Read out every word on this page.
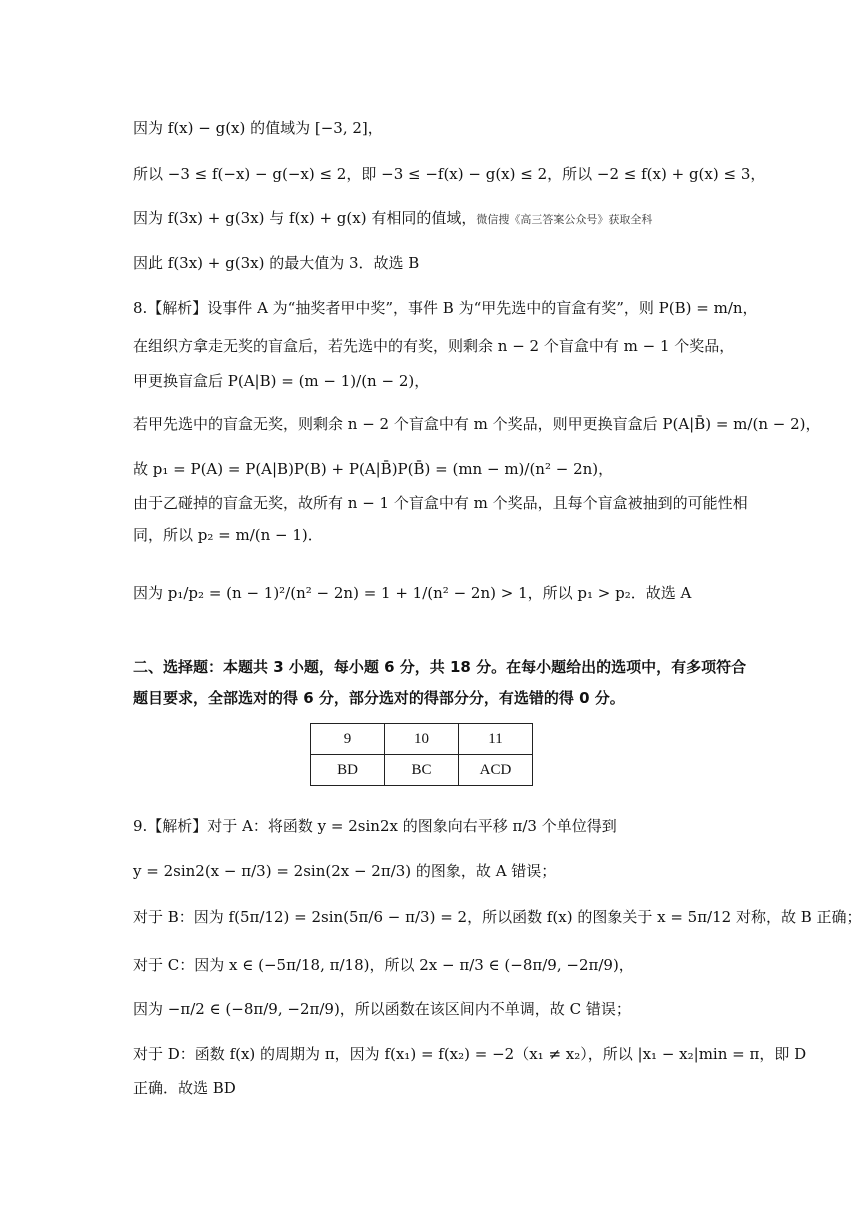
因为 f(x) − g(x) 的值域为 [−3, 2]，
所以 −3 ≤ f(−x) − g(−x) ≤ 2，即 −3 ≤ −f(x) − g(x) ≤ 2，所以 −2 ≤ f(x) + g(x) ≤ 3，
因为 f(3x) + g(3x) 与 f(x) + g(x) 有相同的值域，微信搜《高三答案公众号》获取全科
因此 f(3x) + g(3x) 的最大值为 3．故选 B
8.【解析】设事件 A 为“抽奖者甲中奖”，事件 B 为“甲先选中的盲盒有奖”，则 P(B) = m/n，
在组织方拿走无奖的盲盒后，若先选中的有奖，则剩余 n − 2 个盲盒中有 m − 1 个奖品，
甲更换盲盒后 P(A|B) = (m − 1)/(n − 2)，
若甲先选中的盲盒无奖，则剩余 n − 2 个盲盒中有 m 个奖品，则甲更换盲盒后 P(A|B̄) = m/(n − 2)，
故 p₁ = P(A) = P(A|B)P(B) + P(A|B̄)P(B̄) = (mn − m)/(n² − 2n)，
由于乙碰掉的盲盒无奖，故所有 n − 1 个盲盒中有 m 个奖品，且每个盲盒被抽到的可能性相
同，所以 p₂ = m/(n − 1)．
因为 p₁/p₂ = (n − 1)²/(n² − 2n) = 1 + 1/(n² − 2n) > 1，所以 p₁ > p₂．故选 A
二、选择题：本题共 3 小题，每小题 6 分，共 18 分。在每小题给出的选项中，有多项符合
题目要求，全部选对的得 6 分，部分选对的得部分分，有选错的得 0 分。
9	10	11
BD	BC	ACD
9.【解析】对于 A：将函数 y = 2sin2x 的图象向右平移 π/3 个单位得到
y = 2sin2(x − π/3) = 2sin(2x − 2π/3) 的图象，故 A 错误；
对于 B：因为 f(5π/12) = 2sin(5π/6 − π/3) = 2，所以函数 f(x) 的图象关于 x = 5π/12 对称，故 B 正确；
对于 C：因为 x ∈ (−5π/18, π/18)，所以 2x − π/3 ∈ (−8π/9, −2π/9)，
因为 −π/2 ∈ (−8π/9, −2π/9)，所以函数在该区间内不单调，故 C 错误；
对于 D：函数 f(x) 的周期为 π，因为 f(x₁) = f(x₂) = −2（x₁ ≠ x₂），所以 |x₁ − x₂|min = π，即 D
正确．故选 BD
